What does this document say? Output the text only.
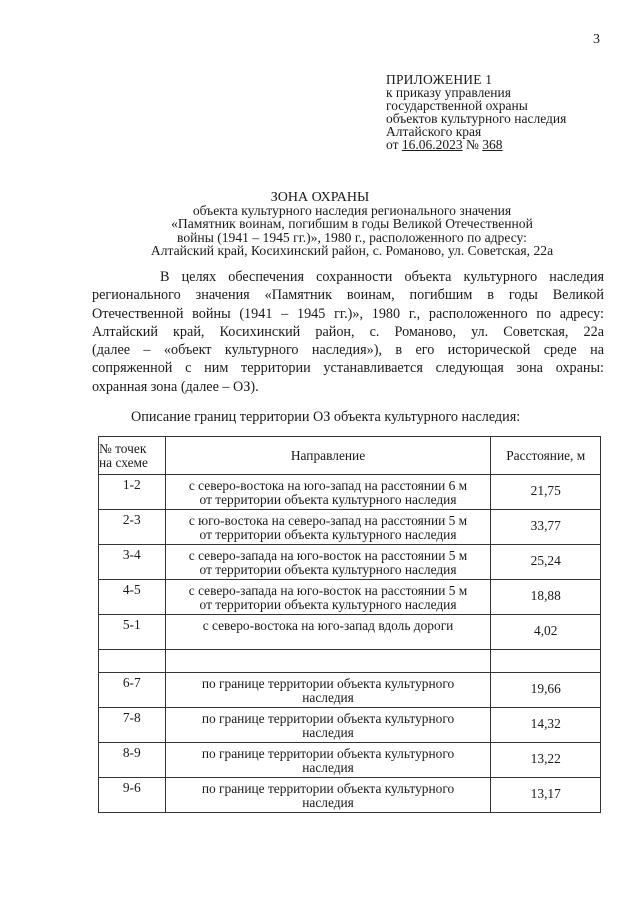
3
ПРИЛОЖЕНИЕ 1
к приказу управления
государственной охраны
объектов культурного наследия
Алтайского края
от 16.06.2023 № 368
ЗОНА ОХРАНЫ
объекта культурного наследия регионального значения
«Памятник воинам, погибшим в годы Великой Отечественной
войны (1941 – 1945 гг.)», 1980 г., расположенного по адресу:
Алтайский край, Косихинский район, с. Романово, ул. Советская, 22а
В целях обеспечения сохранности объекта культурного наследия
регионального значения «Памятник воинам, погибшим в годы Великой
Отечественной войны (1941 – 1945 гг.)», 1980 г., расположенного по адресу:
Алтайский край, Косихинский район, с. Романово, ул. Советская, 22а
(далее – «объект культурного наследия»), в его исторической среде на
сопряженной с ним территории устанавливается следующая зона охраны:
охранная зона (далее – ОЗ).
Описание границ территории ОЗ объекта культурного наследия:
№ точек
на схеме	Направление	Расстояние, м

1-2	с северо-востока на юго-запад на расстоянии 6 м
от территории объекта культурного наследия	21,75

2-3	с юго-востока на северо-запад на расстоянии 5 м
от территории объекта культурного наследия	33,77

3-4	с северо-запада на юго-восток на расстоянии 5 м
от территории объекта культурного наследия	25,24

4-5	с северо-запада на юго-восток на расстоянии 5 м
от территории объекта культурного наследия	18,88

5-1	с северо-востока на юго-запад вдоль дороги	4,02

6-7	по границе территории объекта культурного
наследия	19,66

7-8	по границе территории объекта культурного
наследия	14,32

8-9	по границе территории объекта культурного
наследия	13,22

9-6	по границе территории объекта культурного
наследия	13,17
